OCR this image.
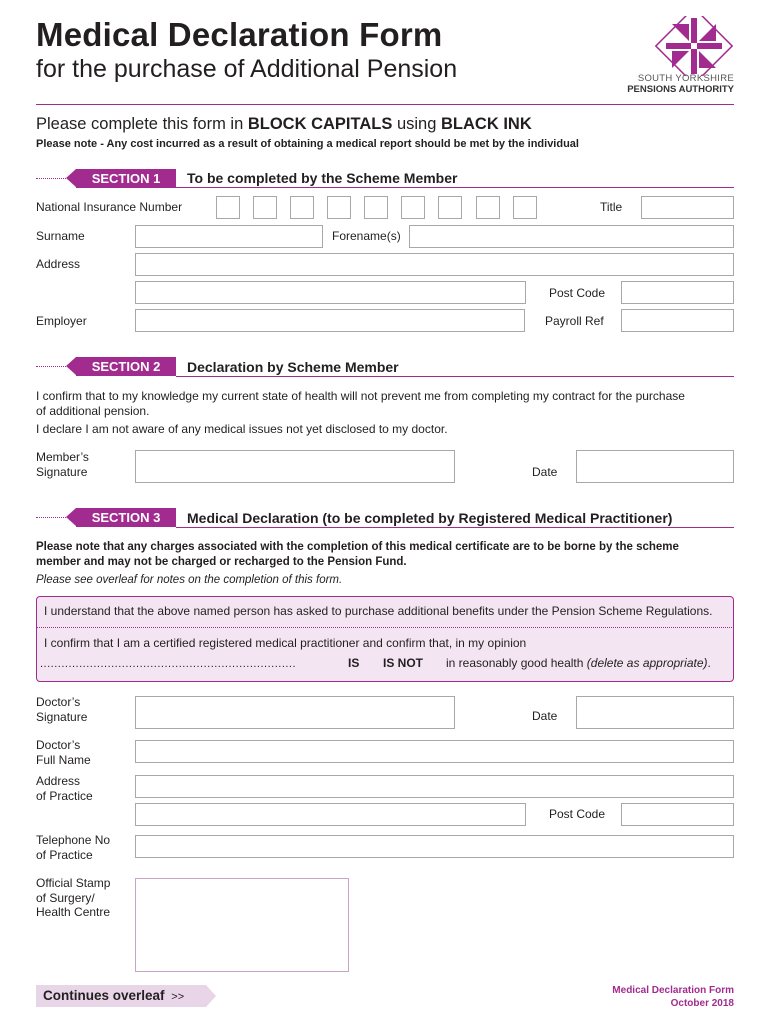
Medical Declaration Form
for the purchase of Additional Pension	SOUTH YORKSHIRE
PENSIONS AUTHORITY
Please complete this form in BLOCK CAPITALS using BLACK INK
Please note - Any cost incurred as a result of obtaining a medical report should be met by the individual
SECTION 1	To be completed by the Scheme Member
National Insurance Number	Title
Surname	Forename(s)
Address
Post Code
Employer	Payroll Ref
SECTION 2	Declaration by Scheme Member
I confirm that to my knowledge my current state of health will not prevent me from completing my contract for the purchase of additional pension.
I declare I am not aware of any medical issues not yet disclosed to my doctor.
Member’s
Signature	Date
SECTION 3	Medical Declaration (to be completed by Registered Medical Practitioner)
Please note that any charges associated with the completion of this medical certificate are to be borne by the scheme member and may not be charged or recharged to the Pension Fund.
Please see overleaf for notes on the completion of this form.
I understand that the above named person has asked to purchase additional benefits under the Pension Scheme Regulations.
I confirm that I am a certified registered medical practitioner and confirm that, in my opinion
........................................................................	IS IS NOT in reasonably good health (delete as appropriate).
Doctor’s
Signature	Date
Doctor’s
Full Name
Address
of Practice
Post Code
Telephone No
of Practice
Official Stamp
of Surgery/
Health Centre
Continues overleaf >>
Medical Declaration Form
October 2018
